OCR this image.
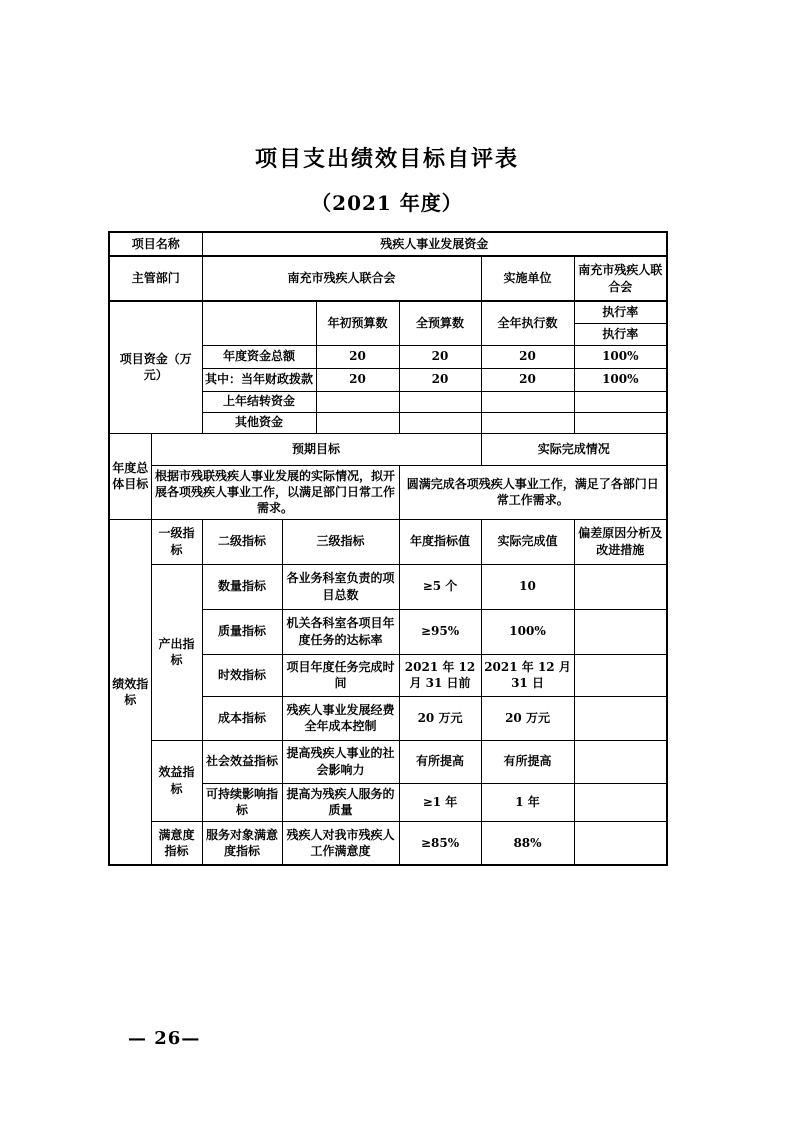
项目支出绩效目标自评表
（2021 年度）
项目名称		残疾人事业发展资金					
主管部门		南充市残疾人联合会				实施单位	南充市残疾人联合会
项目资金（万元）				年初预算数	全预算数	全年执行数	执行率
							执行率
		年度资金总额		20	20	20	100%
		其中：当年财政拨款		20	20	20	100%
		上年结转资金					
		其他资金					
年度总体目标	预期目标					实际完成情况	
	根据市残联残疾人事业发展的实际情况，拟开展各项残疾人事业工作，以满足部门日常工作需求。				圆满完成各项残疾人事业工作，满足了各部门日常工作需求。		
绩效指标	一级指标	二级指标	三级指标		年度指标值	实际完成值	偏差原因分析及改进措施
	产出指标	数量指标	各业务科室负责的项目总数		≥5 个	10	
		质量指标	机关各科室各项目年度任务的达标率		≥95%	100%	
		时效指标	项目年度任务完成时间		2021 年 12 月 31 日前	2021 年 12 月 31 日	
		成本指标	残疾人事业发展经费全年成本控制		20 万元	20 万元	
	效益指标	社会效益指标	提高残疾人事业的社会影响力		有所提高	有所提高	
		可持续影响指标	提高为残疾人服务的质量		≥1 年	1 年	
	满意度指标	服务对象满意度指标	残疾人对我市残疾人工作满意度		≥85%	88%	
— 26—
